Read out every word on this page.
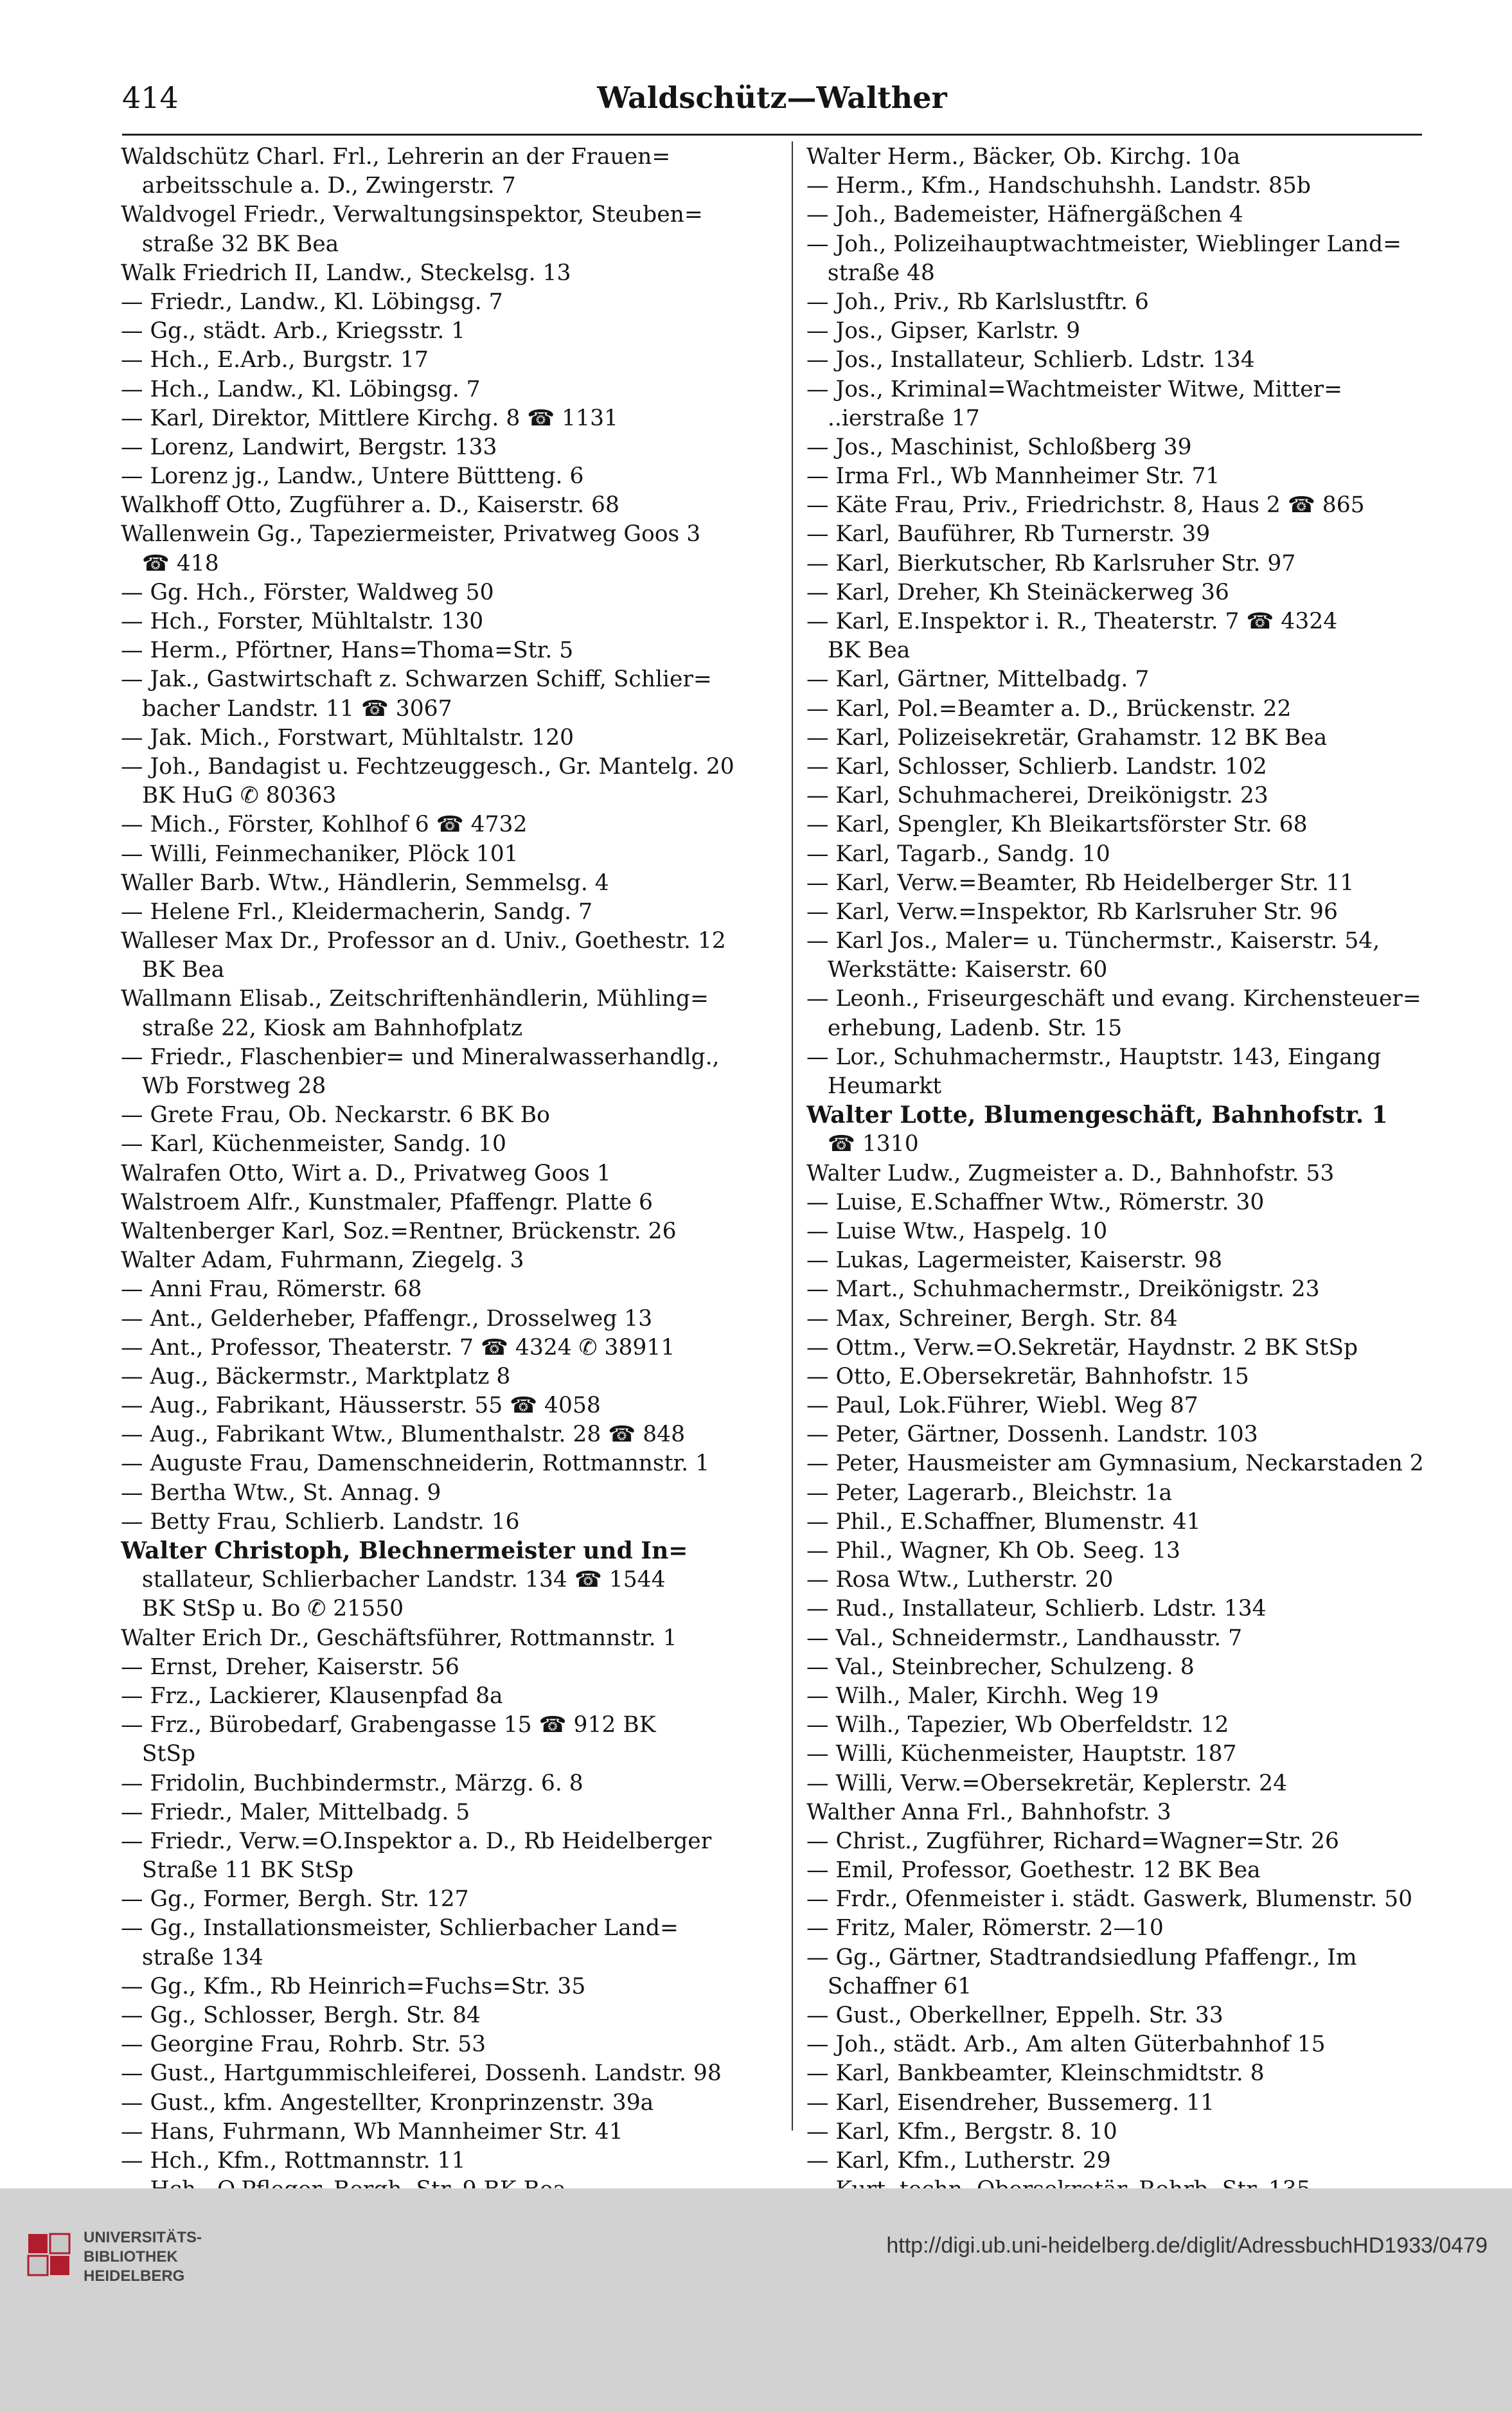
414	Waldschütz—Walther
Waldschütz Charl. Frl., Lehrerin an der Frauen=
arbeitsschule a. D., Zwingerstr. 7
Waldvogel Friedr., Verwaltungsinspektor, Steuben=
straße 32 BK Bea
Walk Friedrich II, Landw., Steckelsg. 13
— Friedr., Landw., Kl. Löbingsg. 7
— Gg., städt. Arb., Kriegsstr. 1
— Hch., E.Arb., Burgstr. 17
— Hch., Landw., Kl. Löbingsg. 7
— Karl, Direktor, Mittlere Kirchg. 8 ☎ 1131
— Lorenz, Landwirt, Bergstr. 133
— Lorenz jg., Landw., Untere Büttteng. 6
Walkhoff Otto, Zugführer a. D., Kaiserstr. 68
Wallenwein Gg., Tapeziermeister, Privatweg Goos 3
☎ 418
— Gg. Hch., Förster, Waldweg 50
— Hch., Forster, Mühltalstr. 130
— Herm., Pförtner, Hans=Thoma=Str. 5
— Jak., Gastwirtschaft z. Schwarzen Schiff, Schlier=
bacher Landstr. 11 ☎ 3067
— Jak. Mich., Forstwart, Mühltalstr. 120
— Joh., Bandagist u. Fechtzeuggesch., Gr. Mantelg. 20
BK HuG ✆ 80363
— Mich., Förster, Kohlhof 6 ☎ 4732
— Willi, Feinmechaniker, Plöck 101
Waller Barb. Wtw., Händlerin, Semmelsg. 4
— Helene Frl., Kleidermacherin, Sandg. 7
Walleser Max Dr., Professor an d. Univ., Goethestr. 12
BK Bea
Wallmann Elisab., Zeitschriftenhändlerin, Mühling=
straße 22, Kiosk am Bahnhofplatz
— Friedr., Flaschenbier= und Mineralwasserhandlg.,
Wb Forstweg 28
— Grete Frau, Ob. Neckarstr. 6 BK Bo
— Karl, Küchenmeister, Sandg. 10
Walrafen Otto, Wirt a. D., Privatweg Goos 1
Walstroem Alfr., Kunstmaler, Pfaffengr. Platte 6
Waltenberger Karl, Soz.=Rentner, Brückenstr. 26
Walter Adam, Fuhrmann, Ziegelg. 3
— Anni Frau, Römerstr. 68
— Ant., Gelderheber, Pfaffengr., Drosselweg 13
— Ant., Professor, Theaterstr. 7 ☎ 4324 ✆ 38911
— Aug., Bäckermstr., Marktplatz 8
— Aug., Fabrikant, Häusserstr. 55 ☎ 4058
— Aug., Fabrikant Wtw., Blumenthalstr. 28 ☎ 848
— Auguste Frau, Damenschneiderin, Rottmannstr. 1
— Bertha Wtw., St. Annag. 9
— Betty Frau, Schlierb. Landstr. 16
Walter Christoph, Blechnermeister und In=
stallateur, Schlierbacher Landstr. 134 ☎ 1544
BK StSp u. Bo ✆ 21550
Walter Erich Dr., Geschäftsführer, Rottmannstr. 1
— Ernst, Dreher, Kaiserstr. 56
— Frz., Lackierer, Klausenpfad 8a
— Frz., Bürobedarf, Grabengasse 15 ☎ 912 BK
StSp
— Fridolin, Buchbindermstr., Märzg. 6. 8
— Friedr., Maler, Mittelbadg. 5
— Friedr., Verw.=O.Inspektor a. D., Rb Heidelberger
Straße 11 BK StSp
— Gg., Former, Bergh. Str. 127
— Gg., Installationsmeister, Schlierbacher Land=
straße 134
— Gg., Kfm., Rb Heinrich=Fuchs=Str. 35
— Gg., Schlosser, Bergh. Str. 84
— Georgine Frau, Rohrb. Str. 53
— Gust., Hartgummischleiferei, Dossenh. Landstr. 98
— Gust., kfm. Angestellter, Kronprinzenstr. 39a
— Hans, Fuhrmann, Wb Mannheimer Str. 41
— Hch., Kfm., Rottmannstr. 11
Walter Herm., Bäcker, Ob. Kirchg. 10a
— Herm., Kfm., Handschuhshh. Landstr. 85b
— Joh., Bademeister, Häfnergäßchen 4
— Joh., Polizeihauptwachtmeister, Wieblinger Land=
straße 48
— Joh., Priv., Rb Karlslustftr. 6
— Jos., Gipser, Karlstr. 9
— Jos., Installateur, Schlierb. Ldstr. 134
— Jos., Kriminal=Wachtmeister Witwe, Mitter=
..ierstraße 17
— Jos., Maschinist, Schloßberg 39
— Irma Frl., Wb Mannheimer Str. 71
— Käte Frau, Priv., Friedrichstr. 8, Haus 2 ☎ 865
— Karl, Bauführer, Rb Turnerstr. 39
— Karl, Bierkutscher, Rb Karlsruher Str. 97
— Karl, Dreher, Kh Steinäckerweg 36
— Karl, E.Inspektor i. R., Theaterstr. 7 ☎ 4324
BK Bea
— Karl, Gärtner, Mittelbadg. 7
— Karl, Pol.=Beamter a. D., Brückenstr. 22
— Karl, Polizeisekretär, Grahamstr. 12 BK Bea
— Karl, Schlosser, Schlierb. Landstr. 102
— Karl, Schuhmacherei, Dreikönigstr. 23
— Karl, Spengler, Kh Bleikartsförster Str. 68
— Karl, Tagarb., Sandg. 10
— Karl, Verw.=Beamter, Rb Heidelberger Str. 11
— Karl, Verw.=Inspektor, Rb Karlsruher Str. 96
— Karl Jos., Maler= u. Tünchermstr., Kaiserstr. 54,
Werkstätte: Kaiserstr. 60
— Leonh., Friseurgeschäft und evang. Kirchensteuer=
erhebung, Ladenb. Str. 15
— Lor., Schuhmachermstr., Hauptstr. 143, Eingang
Heumarkt
Walter Lotte, Blumengeschäft, Bahnhofstr. 1
☎ 1310
Walter Ludw., Zugmeister a. D., Bahnhofstr. 53
— Luise, E.Schaffner Wtw., Römerstr. 30
— Luise Wtw., Haspelg. 10
— Lukas, Lagermeister, Kaiserstr. 98
— Mart., Schuhmachermstr., Dreikönigstr. 23
— Max, Schreiner, Bergh. Str. 84
— Ottm., Verw.=O.Sekretär, Haydnstr. 2 BK StSp
— Otto, E.Obersekretär, Bahnhofstr. 15
— Paul, Lok.Führer, Wiebl. Weg 87
— Peter, Gärtner, Dossenh. Landstr. 103
— Peter, Hausmeister am Gymnasium, Neckarstaden 2
— Peter, Lagerarb., Bleichstr. 1a
— Phil., E.Schaffner, Blumenstr. 41
— Phil., Wagner, Kh Ob. Seeg. 13
— Rosa Wtw., Lutherstr. 20
— Rud., Installateur, Schlierb. Ldstr. 134
— Val., Schneidermstr., Landhausstr. 7
— Val., Steinbrecher, Schulzeng. 8
— Wilh., Maler, Kirchh. Weg 19
— Wilh., Tapezier, Wb Oberfeldstr. 12
— Willi, Küchenmeister, Hauptstr. 187
— Willi, Verw.=Obersekretär, Keplerstr. 24
Walther Anna Frl., Bahnhofstr. 3
— Christ., Zugführer, Richard=Wagner=Str. 26
— Emil, Professor, Goethestr. 12 BK Bea
— Frdr., Ofenmeister i. städt. Gaswerk, Blumenstr. 50
— Fritz, Maler, Römerstr. 2—10
— Gg., Gärtner, Stadtrandsiedlung Pfaffengr., Im
Schaffner 61
— Gust., Oberkellner, Eppelh. Str. 33
— Joh., städt. Arb., Am alten Güterbahnhof 15
— Karl, Bankbeamter, Kleinschmidtstr. 8
— Karl, Eisendreher, Bussemerg. 11
— Karl, Kfm., Bergstr. 8. 10
— Karl, Kfm., Lutherstr. 29
UNIVERSITÄTS-
BIBLIOTHEK
HEIDELBERG
http://digi.ub.uni-heidelberg.de/diglit/AdressbuchHD1933/0479
